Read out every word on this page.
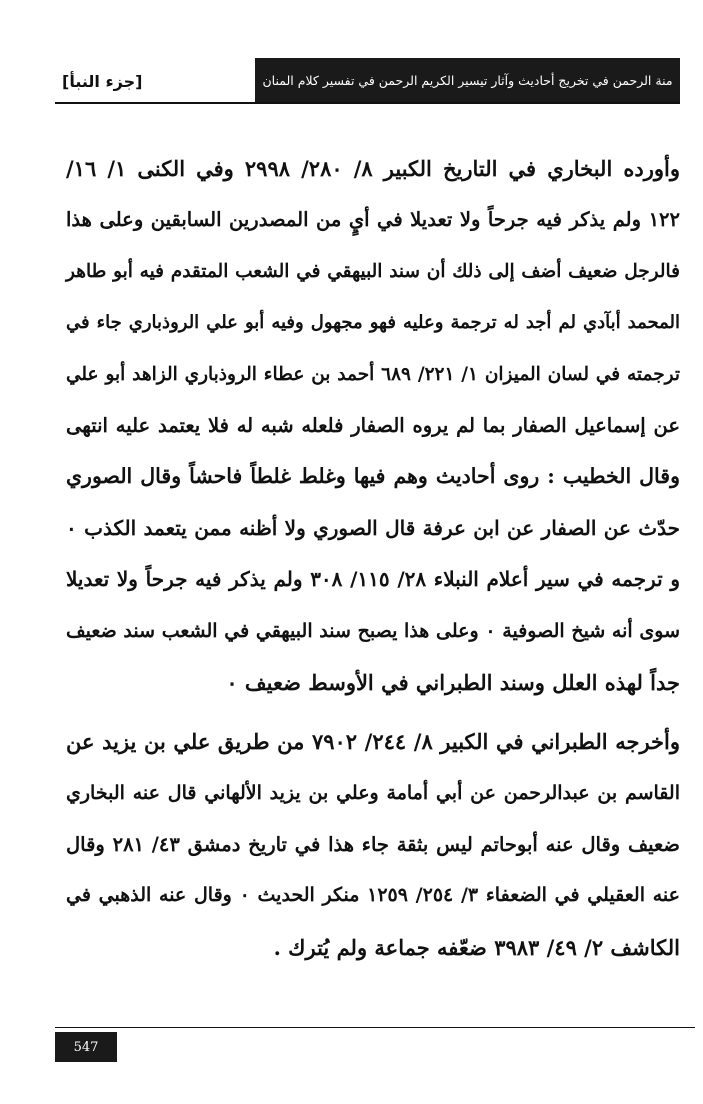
منة الرحمن في تخريج أحاديث وآثار تيسير الكريم الرحمن في تفسير كلام المنان
[جزء النبأ]
وأورده البخاري في التاريخ الكبير ٨/ ٢٨٠/ ٢٩٩٨ وفي الكنى ١/ ١٦/
١٢٢ ولم يذكر فيه جرحاً ولا تعديلا في أيٍ من المصدرين السابقين وعلى هذا
فالرجل ضعيف أضف إلى ذلك أن سند البيهقي في الشعب المتقدم فيه أبو طاهر
المحمد أبآدي لم أجد له ترجمة وعليه فهو مجهول وفيه أبو علي الروذباري جاء في
ترجمته في لسان الميزان ١/ ٢٢١/ ٦٨٩ أحمد بن عطاء الروذباري الزاهد أبو علي
عن إسماعيل الصفار بما لم يروه الصفار فلعله شبه له فلا يعتمد عليه انتهى
وقال الخطيب : روى أحاديث وهم فيها وغلط غلطاً فاحشاً وقال الصوري
حدّث عن الصفار عن ابن عرفة قال الصوري ولا أظنه ممن يتعمد الكذب ٠
و ترجمه في سير أعلام النبلاء ٢٨/ ١١٥/ ٣٠٨ ولم يذكر فيه جرحاً ولا تعديلا
سوى أنه شيخ الصوفية ٠ وعلى هذا يصبح سند البيهقي في الشعب سند ضعيف
جداً لهذه العلل وسند الطبراني في الأوسط ضعيف ٠
وأخرجه الطبراني في الكبير ٨/ ٢٤٤/ ٧٩٠٢ من طريق علي بن يزيد عن
القاسم بن عبدالرحمن عن أبي أمامة وعلي بن يزيد الألهاني قال عنه البخاري
ضعيف وقال عنه أبوحاتم ليس بثقة جاء هذا في تاريخ دمشق ٤٣/ ٢٨١ وقال
عنه العقيلي في الضعفاء ٣/ ٢٥٤/ ١٢٥٩ منكر الحديث ٠ وقال عنه الذهبي في
الكاشف ٢/ ٤٩/ ٣٩٨٣ ضعّفه جماعة ولم يُترك .
547
